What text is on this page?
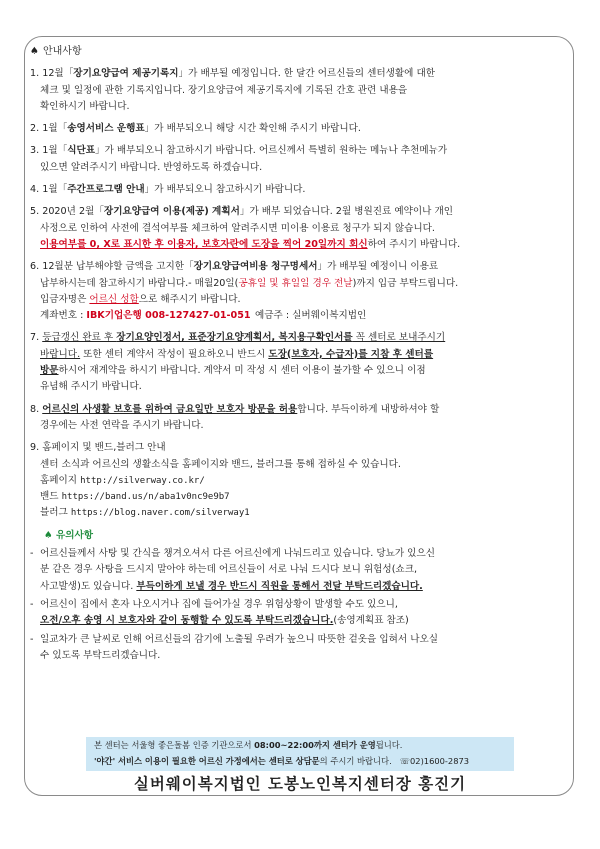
♠ 안내사항
1. 12월「장기요양급여 제공기록지」가 배부될 예정입니다. 한 달간 어르신들의 센터생활에 대한
체크 및 일정에 관한 기록지입니다. 장기요양급여 제공기록지에 기록된 간호 관련 내용을
확인하시기 바랍니다.
2. 1월「송영서비스 운행표」가 배부되오니 해당 시간 확인해 주시기 바랍니다.
3. 1월「식단표」가 배부되오니 참고하시기 바랍니다. 어르신께서 특별히 원하는 메뉴나 추천메뉴가
있으면 알려주시기 바랍니다. 반영하도록 하겠습니다.
4. 1월「주간프로그램 안내」가 배부되오니 참고하시기 바랍니다.
5. 2020년 2월「장기요양급여 이용(제공) 계획서」가 배부 되었습니다. 2월 병원진료 예약이나 개인
사정으로 인하여 사전에 결석여부를 체크하여 알려주시면 미이용 이용료 청구가 되지 않습니다.
이용여부를 0, X로 표시한 후 이용자, 보호자란에 도장을 찍어 20일까지 회신하여 주시기 바랍니다.
6. 12월분 납부해야할 금액을 고지한「장기요양급여비용 청구명세서」가 배부될 예정이니 이용료
납부하시는데 참고하시기 바랍니다.- 매월20일(공휴일 및 휴일일 경우 전날)까지 입금 부탁드립니다.
입금자명은 어르신 성함으로 해주시기 바랍니다.
계좌번호 : IBK기업은행 008-127427-01-051 예금주 : 실버웨이복지법인
7. 등급갱신 완료 후 장기요양인정서, 표준장기요양계획서, 복지용구확인서를 꼭 센터로 보내주시기
바랍니다. 또한 센터 계약서 작성이 필요하오니 반드시 도장(보호자, 수급자)를 지참 후 센터를
방문하시어 재계약을 하시기 바랍니다. 계약서 미 작성 시 센터 이용이 불가할 수 있으니 이점
유념해 주시기 바랍니다.
8. 어르신의 사생활 보호를 위하여 금요일만 보호자 방문을 허용합니다. 부득이하게 내방하셔야 할
경우에는 사전 연락을 주시기 바랍니다.
9. 홈페이지 및 밴드,블러그 안내
센터 소식과 어르신의 생활소식을 홈페이지와 밴드, 블러그를 통해 접하실 수 있습니다.
홈페이지 http://silverway.co.kr/
밴드 https://band.us/n/aba1v0nc9e9b7
블러그 https://blog.naver.com/silverway1
♠ 유의사항
- 어르신들께서 사탕 및 간식을 챙겨오셔서 다른 어르신에게 나눠드리고 있습니다. 당뇨가 있으신
분 같은 경우 사탕을 드시지 말아야 하는데 어르신들이 서로 나눠 드시다 보니 위험성(쇼크,
사고발생)도 있습니다. 부득이하게 보낼 경우 반드시 직원을 통해서 전달 부탁드리겠습니다.
- 어르신이 집에서 혼자 나오시거나 집에 들어가실 경우 위험상황이 발생할 수도 있으니,
오전/오후 송영 시 보호자와 같이 동행할 수 있도록 부탁드리겠습니다.(송영계획표 참조)
- 일교차가 큰 날씨로 인해 어르신들의 감기에 노출될 우려가 높으니 따뜻한 겉옷을 입혀서 나오실
수 있도록 부탁드리겠습니다.
본 센터는 서울형 좋은돌봄 인증 기관으로서 08:00~22:00까지 센터가 운영됩니다.
'야간' 서비스 이용이 필요한 어르신 가정에서는 센터로 상담문의 주시기 바랍니다. ☏02)1600-2873
실버웨이복지법인 도봉노인복지센터장 홍진기
